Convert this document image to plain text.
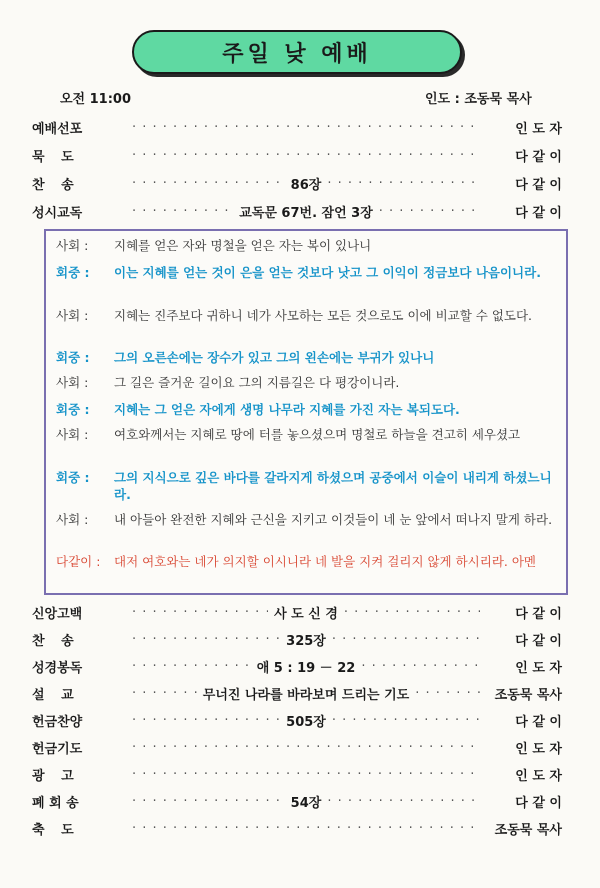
주일 낮 예배
오전 11:00	인도 : 조동묵 목사
예배선포 · · · · · ·	인 도 자
묵 도 · · · · · ·	다 같 이
찬 송 · · ·	86장 · · ·	다 같 이
성시교독 · · ·	교독문 67번. 잠언 3장 · · ·	다 같 이
사회 :	지혜를 얻은 자와 명철을 얻은 자는 복이 있나니
회중 :	이는 지혜를 얻는 것이 은을 얻는 것보다 낫고 그 이익이 정금보다 나음이니라.
사회 :	지혜는 진주보다 귀하니 네가 사모하는 모든 것으로도 이에 비교할 수 없도다.
회중 :	그의 오른손에는 장수가 있고 그의 왼손에는 부귀가 있나니
사회 :	그 길은 즐거운 길이요 그의 지름길은 다 평강이니라.
회중 :	지혜는 그 얻은 자에게 생명 나무라 지혜를 가진 자는 복되도다.
사회 :	여호와께서는 지혜로 땅에 터를 놓으셨으며 명철로 하늘을 견고히 세우셨고
회중 :	그의 지식으로 깊은 바다를 갈라지게 하셨으며 공중에서 이슬이 내리게 하셨느니라.
사회 :	내 아들아 완전한 지혜와 근신을 지키고 이것들이 네 눈 앞에서 떠나지 말게 하라.
다같이 :	대저 여호와는 네가 의지할 이시니라 네 발을 지켜 걸리지 않게 하시리라. 아멘
신앙고백 · · ·	사 도 신 경 · · ·	다 같 이
찬 송 · · ·	325장 · · ·	다 같 이
성경봉독 · · ·	애 5 : 19 － 22 · · ·	인 도 자
설 교 · · ·	무너진 나라를 바라보며 드리는 기도 · · ·	조동묵 목사
헌금찬양 · · ·	505장 · · ·	다 같 이
헌금기도 · · · · · ·	인 도 자
광 고 · · · · · ·	인 도 자
폐 회 송 · · ·	54장 · · ·	다 같 이
축 도 · · · · · ·	조동묵 목사
